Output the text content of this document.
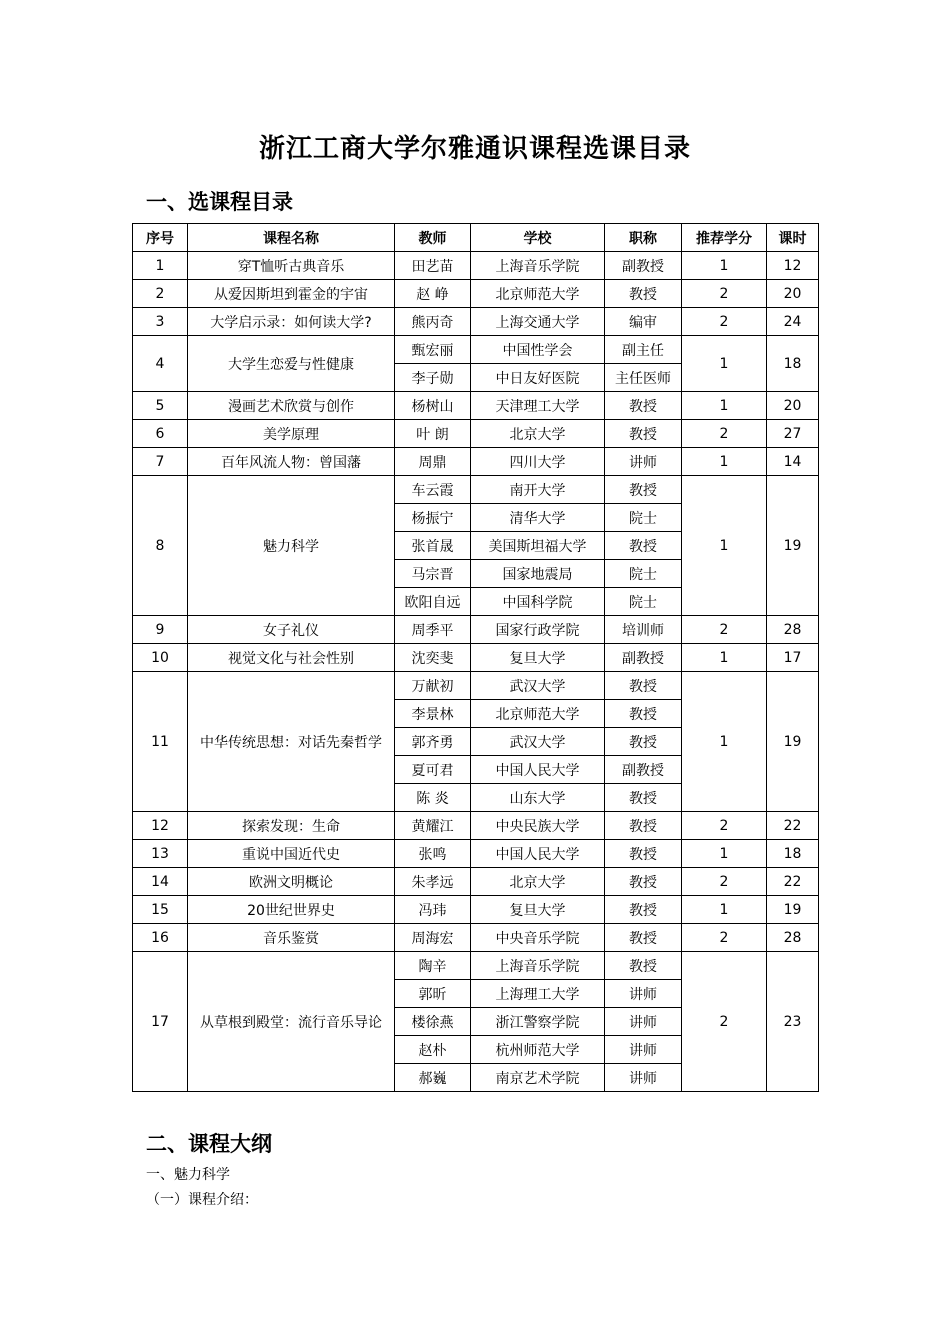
浙江工商大学尔雅通识课程选课目录
一、选课程目录
序号	课程名称	教师	学校	职称	推荐学分	课时
1	穿T恤听古典音乐	田艺苗	上海音乐学院	副教授	1	12
2	从爱因斯坦到霍金的宇宙	赵 峥	北京师范大学	教授	2	20
3	大学启示录：如何读大学?	熊丙奇	上海交通大学	编审	2	24
4	大学生恋爱与性健康	甄宏丽	中国性学会	副主任	1	18
		李子勋	中日友好医院	主任医师		
5	漫画艺术欣赏与创作	杨树山	天津理工大学	教授	1	20
6	美学原理	叶 朗	北京大学	教授	2	27
7	百年风流人物：曾国藩	周鼎	四川大学	讲师	1	14
8	魅力科学	车云霞	南开大学	教授	1	19
		杨振宁	清华大学	院士		
		张首晟	美国斯坦福大学	教授		
		马宗晋	国家地震局	院士		
		欧阳自远	中国科学院	院士		
9	女子礼仪	周季平	国家行政学院	培训师	2	28
10	视觉文化与社会性别	沈奕斐	复旦大学	副教授	1	17
11	中华传统思想：对话先秦哲学	万献初	武汉大学	教授	1	19
		李景林	北京师范大学	教授		
		郭齐勇	武汉大学	教授		
		夏可君	中国人民大学	副教授		
		陈 炎	山东大学	教授		
12	探索发现：生命	黄耀江	中央民族大学	教授	2	22
13	重说中国近代史	张鸣	中国人民大学	教授	1	18
14	欧洲文明概论	朱孝远	北京大学	教授	2	22
15	20世纪世界史	冯玮	复旦大学	教授	1	19
16	音乐鉴赏	周海宏	中央音乐学院	教授	2	28
17	从草根到殿堂：流行音乐导论	陶辛	上海音乐学院	教授	2	23
		郭昕	上海理工大学	讲师		
		楼徐燕	浙江警察学院	讲师		
		赵朴	杭州师范大学	讲师		
		郝巍	南京艺术学院	讲师		
二、课程大纲
一、魅力科学
（一）课程介绍：
